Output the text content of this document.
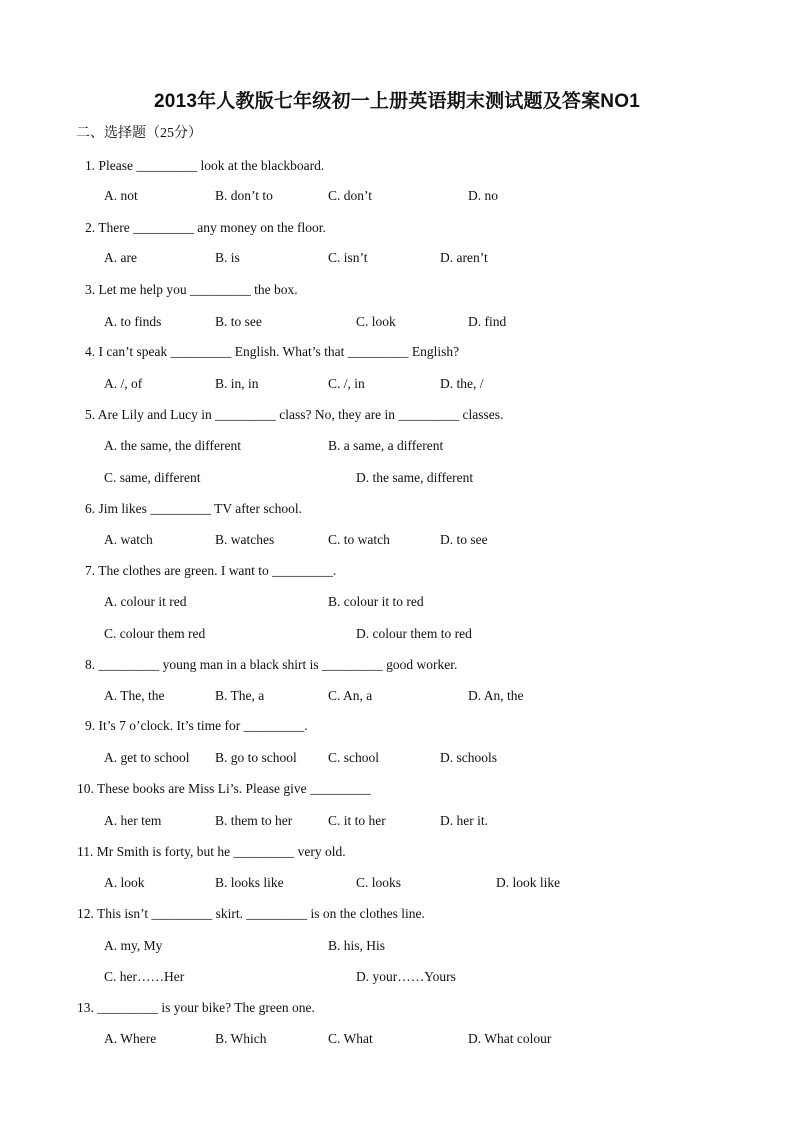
2013年人教版七年级初一上册英语期末测试题及答案NO1
二、选择题（25分）
1. Please _________ look at the blackboard.
A. not	B. don’t to	C. don’t	D. no
2. There _________ any money on the floor.
A. are	B. is	C. isn’t	D. aren’t
3. Let me help you _________ the box.
A. to finds	B. to see	C. look	D. find
4. I can’t speak _________ English. What’s that _________ English?
A. /, of	B. in, in	C. /, in	D. the, /
5. Are Lily and Lucy in _________ class? No, they are in _________ classes.
A. the same, the different	B. a same, a different
C. same, different	D. the same, different
6. Jim likes _________ TV after school.
A. watch	B. watches	C. to watch	D. to see
7. The clothes are green. I want to _________.
A. colour it red	B. colour it to red
C. colour them red	D. colour them to red
8. _________ young man in a black shirt is _________ good worker.
A. The, the	B. The, a	C. An, a	D. An, the
9. It’s 7 o’clock. It’s time for _________.
A. get to school B. go to school C. school	D. schools
10. These books are Miss Li’s. Please give _________
A. her tem	B. them to her	C. it to her	D. her it.
11. Mr Smith is forty, but he _________ very old.
A. look	B. looks like	C. looks	D. look like
12. This isn’t _________ skirt. _________ is on the clothes line.
A. my, My	B. his, His
C. her……Her	D. your……Yours
13. _________ is your bike? The green one.
A. Where	B. Which	C. What	D. What colour
